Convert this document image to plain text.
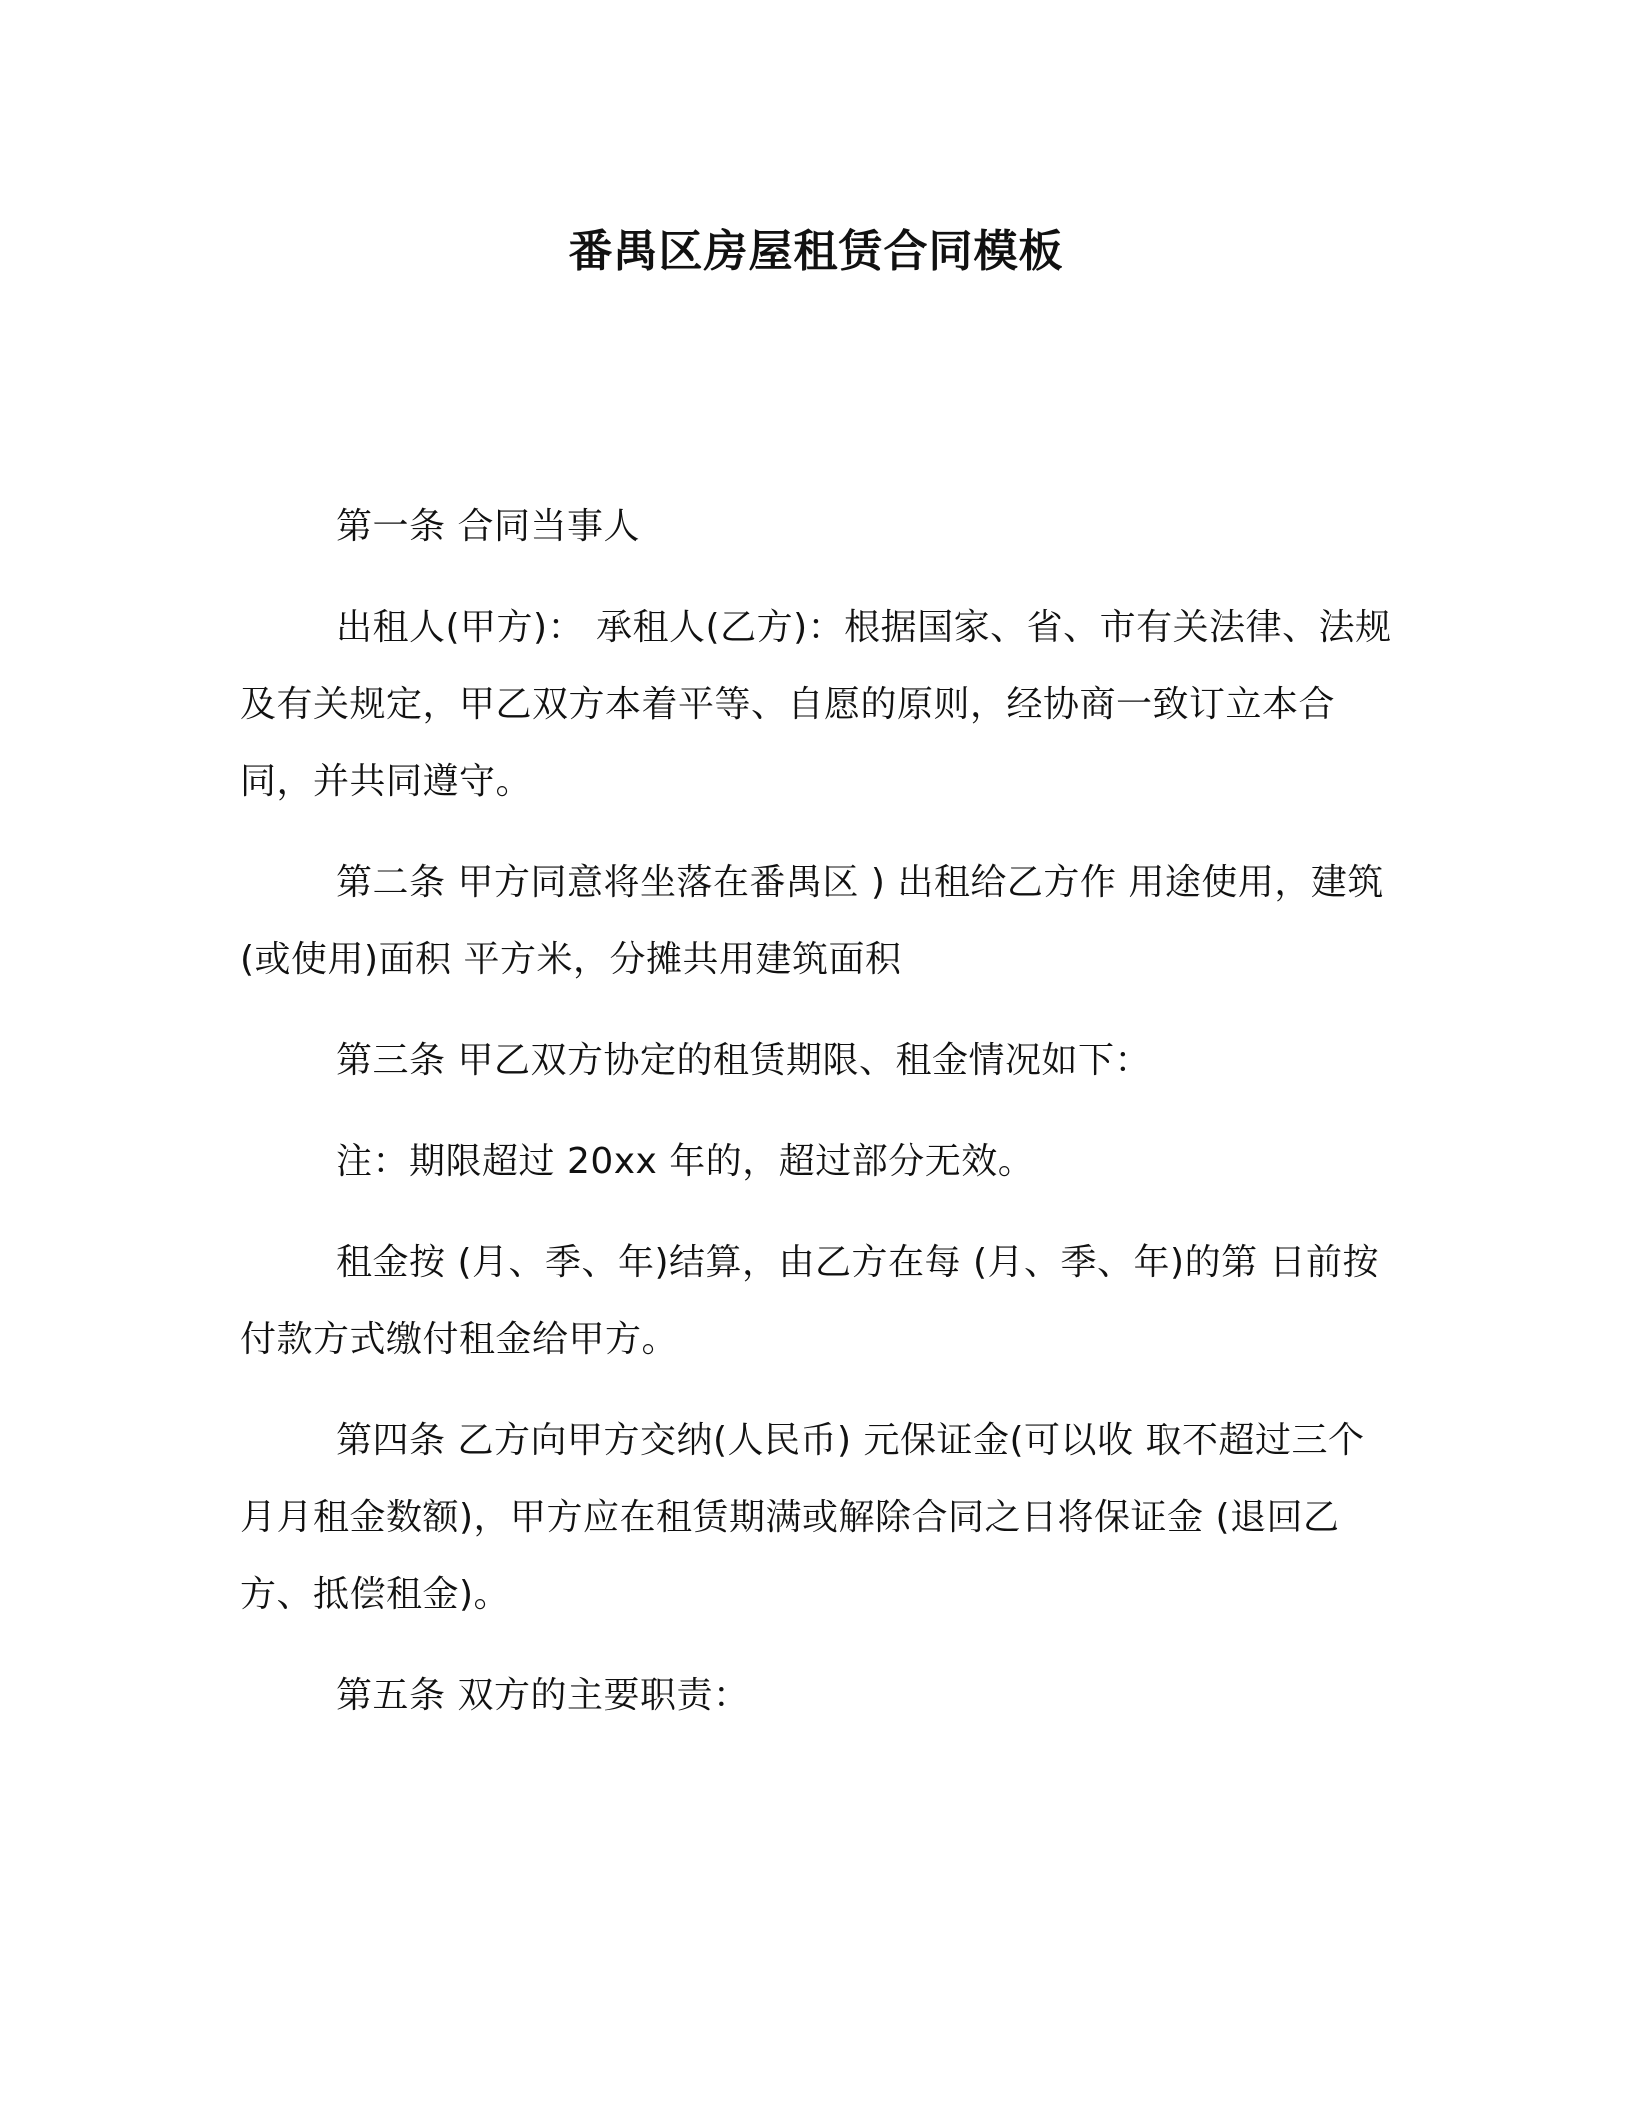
番禺区房屋租赁合同模板

第一条 合同当事人

出租人(甲方)： 承租人(乙方)：根据国家、省、市有关法律、法规及有关规定，甲乙双方本着平等、自愿的原则，经协商一致订立本合同，并共同遵守。

第二条 甲方同意将坐落在番禺区 ) 出租给乙方作 用途使用，建筑(或使用)面积 平方米，分摊共用建筑面积

第三条 甲乙双方协定的租赁期限、租金情况如下：

注：期限超过 20xx 年的，超过部分无效。

租金按 (月、季、年)结算，由乙方在每 (月、季、年)的第 日前按付款方式缴付租金给甲方。

第四条 乙方向甲方交纳(人民币) 元保证金(可以收 取不超过三个月月租金数额)，甲方应在租赁期满或解除合同之日将保证金 (退回乙方、抵偿租金)。

第五条 双方的主要职责：
